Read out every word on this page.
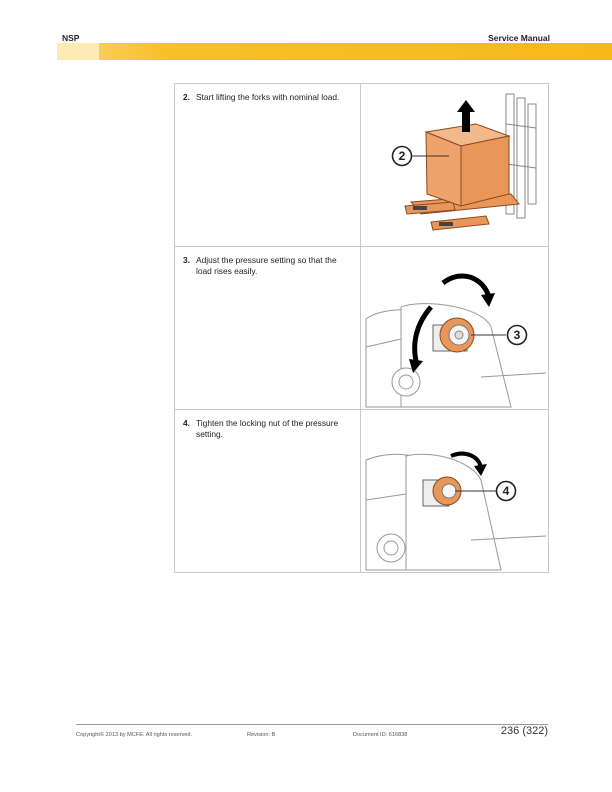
NSP	Service Manual
2. Start lifting the forks with nominal load.	2

3. Adjust the pressure setting so that the load rises easily.	3

4. Tighten the locking nut of the pressure setting.	4
Copyright© 2013 by MCFE. All rights reserved.	Revision: B	Document ID: 616838	236 (322)
